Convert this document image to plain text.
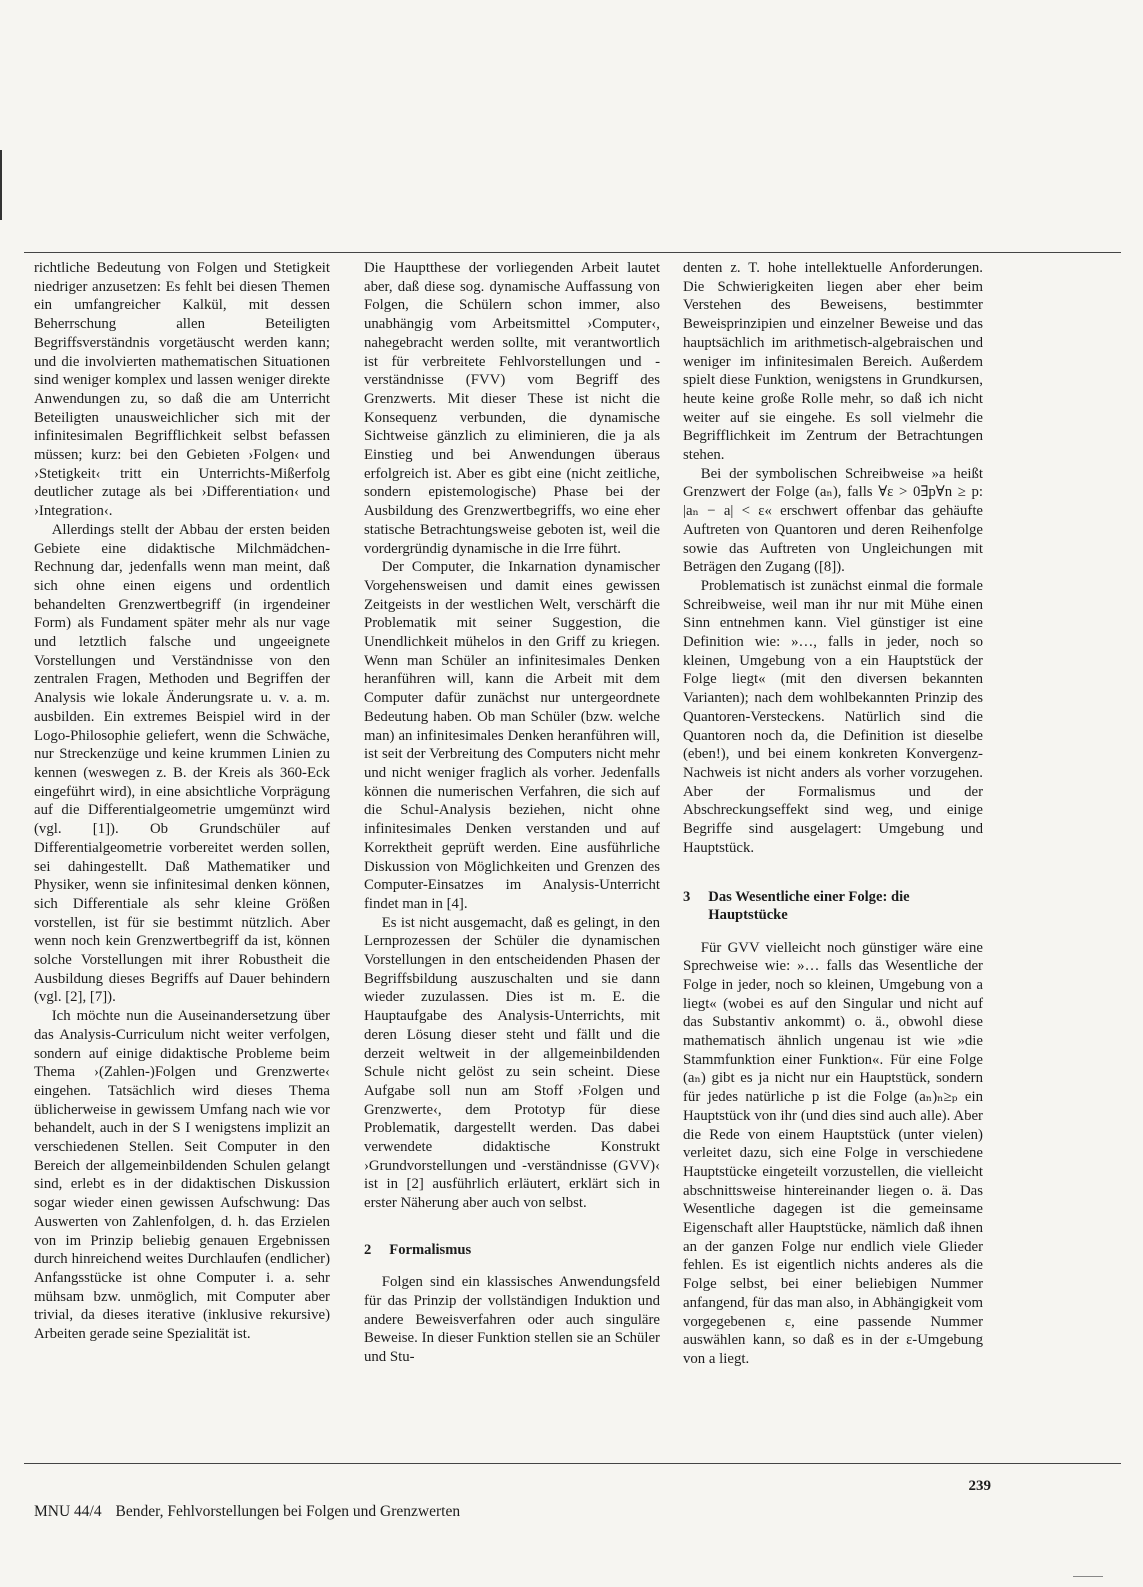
richtliche Bedeutung von Folgen und Stetigkeit niedriger anzusetzen: Es fehlt bei diesen Themen ein umfangreicher Kalkül, mit dessen Beherrschung allen Beteiligten Begriffsverständnis vorgetäuscht werden kann; und die involvierten mathematischen Situationen sind weniger komplex und lassen weniger direkte Anwendungen zu, so daß die am Unterricht Beteiligten unausweichlicher sich mit der infinitesimalen Begrifflichkeit selbst befassen müssen; kurz: bei den Gebieten ›Folgen‹ und ›Stetigkeit‹ tritt ein Unterrichts-Mißerfolg deutlicher zutage als bei ›Differentiation‹ und ›Integration‹.

Allerdings stellt der Abbau der ersten beiden Gebiete eine didaktische Milchmädchen-Rechnung dar, jedenfalls wenn man meint, daß sich ohne einen eigens und ordentlich behandelten Grenzwertbegriff (in irgendeiner Form) als Fundament später mehr als nur vage und letztlich falsche und ungeeignete Vorstellungen und Verständnisse von den zentralen Fragen, Methoden und Begriffen der Analysis wie lokale Änderungsrate u. v. a. m. ausbilden. Ein extremes Beispiel wird in der Logo-Philosophie geliefert, wenn die Schwäche, nur Streckenzüge und keine krummen Linien zu kennen (weswegen z. B. der Kreis als 360-Eck eingeführt wird), in eine absichtliche Vorprägung auf die Differentialgeometrie umgemünzt wird (vgl. [1]). Ob Grundschüler auf Differentialgeometrie vorbereitet werden sollen, sei dahingestellt. Daß Mathematiker und Physiker, wenn sie infinitesimal denken können, sich Differentiale als sehr kleine Größen vorstellen, ist für sie bestimmt nützlich. Aber wenn noch kein Grenzwertbegriff da ist, können solche Vorstellungen mit ihrer Robustheit die Ausbildung dieses Begriffs auf Dauer behindern (vgl. [2], [7]).

Ich möchte nun die Auseinandersetzung über das Analysis-Curriculum nicht weiter verfolgen, sondern auf einige didaktische Probleme beim Thema ›(Zahlen-)Folgen und Grenzwerte‹ eingehen. Tatsächlich wird dieses Thema üblicherweise in gewissem Umfang nach wie vor behandelt, auch in der S I wenigstens implizit an verschiedenen Stellen. Seit Computer in den Bereich der allgemeinbildenden Schulen gelangt sind, erlebt es in der didaktischen Diskussion sogar wieder einen gewissen Aufschwung: Das Auswerten von Zahlenfolgen, d. h. das Erzielen von im Prinzip beliebig genauen Ergebnissen durch hinreichend weites Durchlaufen (endlicher) Anfangsstücke ist ohne Computer i. a. sehr mühsam bzw. unmöglich, mit Computer aber trivial, da dieses iterative (inklusive rekursive) Arbeiten gerade seine Spezialität ist.

Die Hauptthese der vorliegenden Arbeit lautet aber, daß diese sog. dynamische Auffassung von Folgen, die Schülern schon immer, also unabhängig vom Arbeitsmittel ›Computer‹, nahegebracht werden sollte, mit verantwortlich ist für verbreitete Fehlvorstellungen und -verständnisse (FVV) vom Begriff des Grenzwerts. Mit dieser These ist nicht die Konsequenz verbunden, die dynamische Sichtweise gänzlich zu eliminieren, die ja als Einstieg und bei Anwendungen überaus erfolgreich ist. Aber es gibt eine (nicht zeitliche, sondern epistemologische) Phase bei der Ausbildung des Grenzwertbegriffs, wo eine eher statische Betrachtungsweise geboten ist, weil die vordergründig dynamische in die Irre führt.

Der Computer, die Inkarnation dynamischer Vorgehensweisen und damit eines gewissen Zeitgeists in der westlichen Welt, verschärft die Problematik mit seiner Suggestion, die Unendlichkeit mühelos in den Griff zu kriegen. Wenn man Schüler an infinitesimales Denken heranführen will, kann die Arbeit mit dem Computer dafür zunächst nur untergeordnete Bedeutung haben. Ob man Schüler (bzw. welche man) an infinitesimales Denken heranführen will, ist seit der Verbreitung des Computers nicht mehr und nicht weniger fraglich als vorher. Jedenfalls können die numerischen Verfahren, die sich auf die Schul-Analysis beziehen, nicht ohne infinitesimales Denken verstanden und auf Korrektheit geprüft werden. Eine ausführliche Diskussion von Möglichkeiten und Grenzen des Computer-Einsatzes im Analysis-Unterricht findet man in [4].

Es ist nicht ausgemacht, daß es gelingt, in den Lernprozessen der Schüler die dynamischen Vorstellungen in den entscheidenden Phasen der Begriffsbildung auszuschalten und sie dann wieder zuzulassen. Dies ist m. E. die Hauptaufgabe des Analysis-Unterrichts, mit deren Lösung dieser steht und fällt und die derzeit weltweit in der allgemeinbildenden Schule nicht gelöst zu sein scheint. Diese Aufgabe soll nun am Stoff ›Folgen und Grenzwerte‹, dem Prototyp für diese Problematik, dargestellt werden. Das dabei verwendete didaktische Konstrukt ›Grundvorstellungen und -verständnisse (GVV)‹ ist in [2] ausführlich erläutert, erklärt sich in erster Näherung aber auch von selbst.

2 Formalismus

Folgen sind ein klassisches Anwendungsfeld für das Prinzip der vollständigen Induktion und andere Beweisverfahren oder auch singuläre Beweise. In dieser Funktion stellen sie an Schüler und Stu-

denten z. T. hohe intellektuelle Anforderungen. Die Schwierigkeiten liegen aber eher beim Verstehen des Beweisens, bestimmter Beweisprinzipien und einzelner Beweise und das hauptsächlich im arithmetisch-algebraischen und weniger im infinitesimalen Bereich. Außerdem spielt diese Funktion, wenigstens in Grundkursen, heute keine große Rolle mehr, so daß ich nicht weiter auf sie eingehe. Es soll vielmehr die Begrifflichkeit im Zentrum der Betrachtungen stehen.

Bei der symbolischen Schreibweise »a heißt Grenzwert der Folge (aₙ), falls ∀ε > 0∃p∀n ≥ p: |aₙ − a| < ε« erschwert offenbar das gehäufte Auftreten von Quantoren und deren Reihenfolge sowie das Auftreten von Ungleichungen mit Beträgen den Zugang ([8]).

Problematisch ist zunächst einmal die formale Schreibweise, weil man ihr nur mit Mühe einen Sinn entnehmen kann. Viel günstiger ist eine Definition wie: »…, falls in jeder, noch so kleinen, Umgebung von a ein Hauptstück der Folge liegt« (mit den diversen bekannten Varianten); nach dem wohlbekannten Prinzip des Quantoren-Versteckens. Natürlich sind die Quantoren noch da, die Definition ist dieselbe (eben!), und bei einem konkreten Konvergenz-Nachweis ist nicht anders als vorher vorzugehen. Aber der Formalismus und der Abschreckungseffekt sind weg, und einige Begriffe sind ausgelagert: Umgebung und Hauptstück.

3 Das Wesentliche einer Folge: die Hauptstücke

Für GVV vielleicht noch günstiger wäre eine Sprechweise wie: »… falls das Wesentliche der Folge in jeder, noch so kleinen, Umgebung von a liegt« (wobei es auf den Singular und nicht auf das Substantiv ankommt) o. ä., obwohl diese mathematisch ähnlich ungenau ist wie »die Stammfunktion einer Funktion«. Für eine Folge (aₙ) gibt es ja nicht nur ein Hauptstück, sondern für jedes natürliche p ist die Folge (aₙ)ₙ≥ₚ ein Hauptstück von ihr (und dies sind auch alle). Aber die Rede von einem Hauptstück (unter vielen) verleitet dazu, sich eine Folge in verschiedene Hauptstücke eingeteilt vorzustellen, die vielleicht abschnittsweise hintereinander liegen o. ä. Das Wesentliche dagegen ist die gemeinsame Eigenschaft aller Hauptstücke, nämlich daß ihnen an der ganzen Folge nur endlich viele Glieder fehlen. Es ist eigentlich nichts anderes als die Folge selbst, bei einer beliebigen Nummer anfangend, für das man also, in Abhängigkeit vom vorgegebenen ε, eine passende Nummer auswählen kann, so daß es in der ε-Umgebung von a liegt.

239
MNU 44/4 Bender, Fehlvorstellungen bei Folgen und Grenzwerten
